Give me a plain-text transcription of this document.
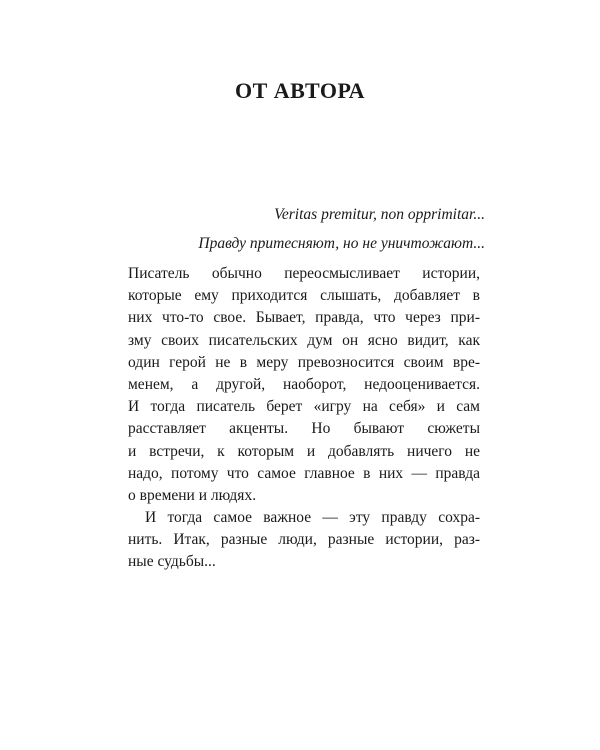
ОТ АВТОРА
Veritas premitur, non opprimitar...
Правду притесняют, но не уничтожают...
Писатель обычно переосмысливает истории,
которые ему приходится слышать, добавляет в
них что-то свое. Бывает, правда, что через при-
зму своих писательских дум он ясно видит, как
один герой не в меру превозносится своим вре-
менем, а другой, наоборот, недооценивается.
И тогда писатель берет «игру на себя» и сам
расставляет акценты. Но бывают сюжеты
и встречи, к которым и добавлять ничего не
надо, потому что самое главное в них — правда
о времени и людях.
И тогда самое важное — эту правду сохра-
нить. Итак, разные люди, разные истории, раз-
ные судьбы...
